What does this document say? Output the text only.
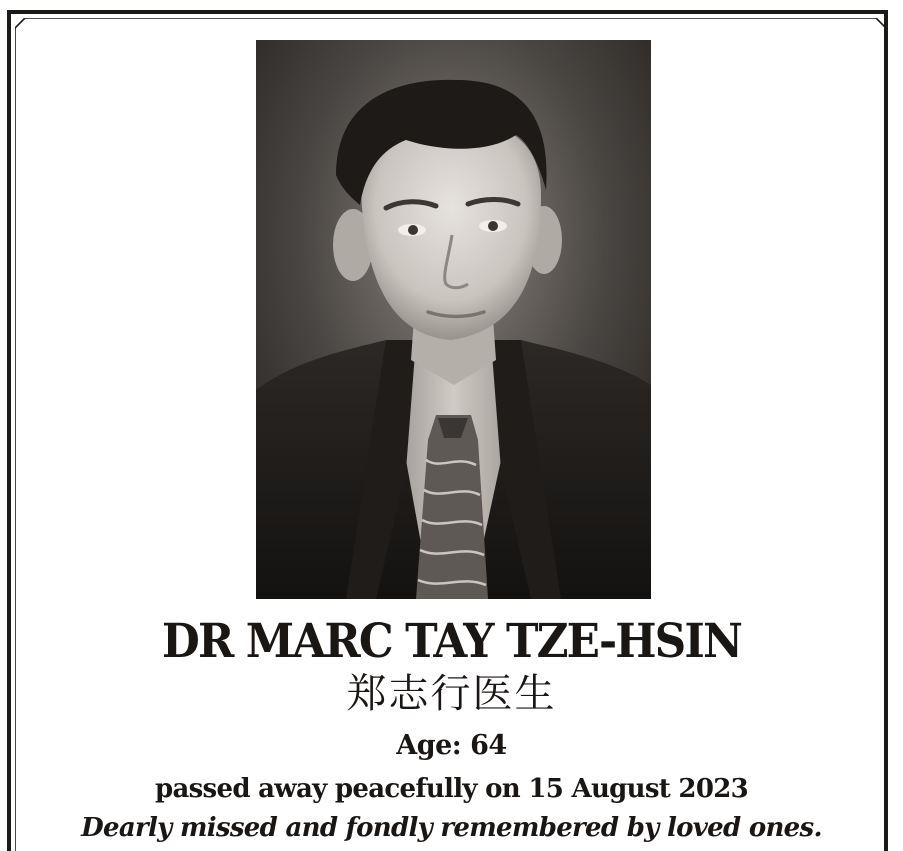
DR MARC TAY TZE-HSIN
郑志行医生
Age: 64
passed away peacefully on 15 August 2023
Dearly missed and fondly remembered by loved ones.
